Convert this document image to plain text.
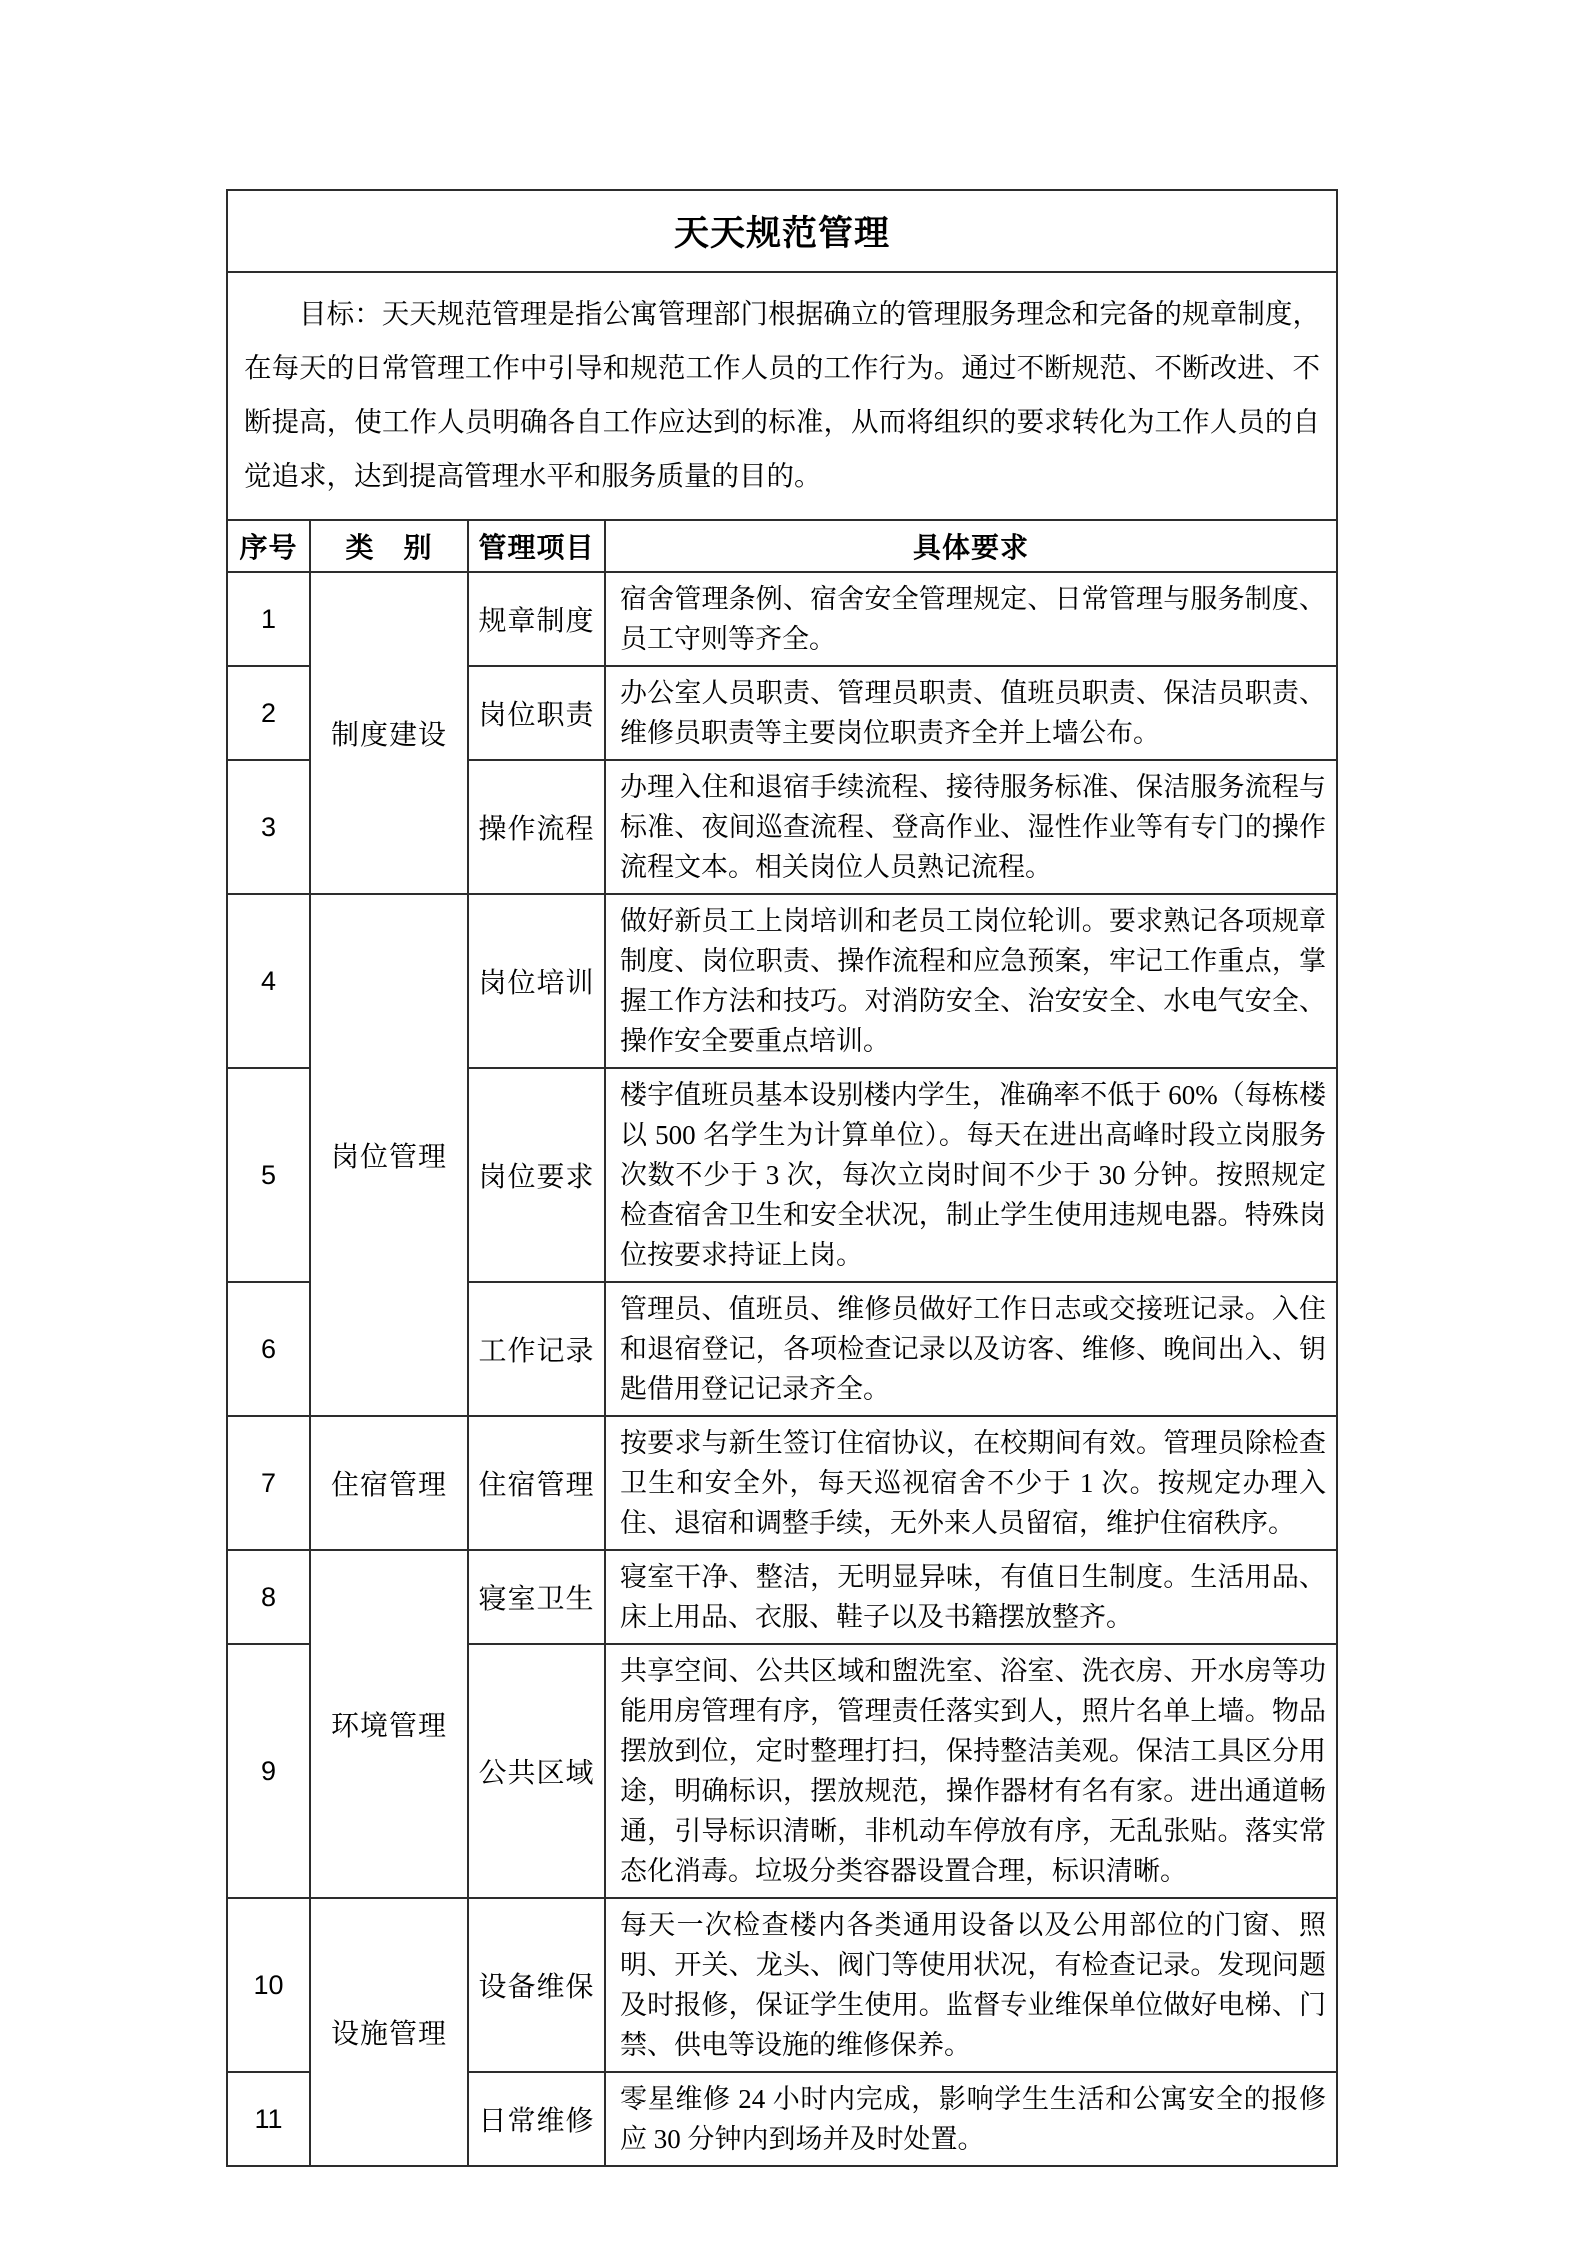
天天规范管理			

目标：天天规范管理是指公寓管理部门根据确立的管理服务理念和完备的规章制度，在每天的日常管理工作中引导和规范工作人员的工作行为。通过不断规范、不断改进、不断提高，使工作人员明确各自工作应达到的标准，从而将组织的要求转化为工作人员的自觉追求，达到提高管理水平和服务质量的目的。			

序号	类　别	管理项目	具体要求
1	制度建设	规章制度	宿舍管理条例、宿舍安全管理规定、日常管理与服务制度、员工守则等齐全。
2		岗位职责	办公室人员职责、管理员职责、值班员职责、保洁员职责、维修员职责等主要岗位职责齐全并上墙公布。
3		操作流程	办理入住和退宿手续流程、接待服务标准、保洁服务流程与标准、夜间巡查流程、登高作业、湿性作业等有专门的操作流程文本。相关岗位人员熟记流程。
4	岗位管理	岗位培训	做好新员工上岗培训和老员工岗位轮训。要求熟记各项规章制度、岗位职责、操作流程和应急预案，牢记工作重点，掌握工作方法和技巧。对消防安全、治安安全、水电气安全、操作安全要重点培训。
5		岗位要求	楼宇值班员基本设别楼内学生，准确率不低于 60%（每栋楼以 500 名学生为计算单位）。每天在进出高峰时段立岗服务次数不少于 3 次，每次立岗时间不少于 30 分钟。按照规定检查宿舍卫生和安全状况，制止学生使用违规电器。特殊岗位按要求持证上岗。
6		工作记录	管理员、值班员、维修员做好工作日志或交接班记录。入住和退宿登记，各项检查记录以及访客、维修、晚间出入、钥匙借用登记记录齐全。
7	住宿管理	住宿管理	按要求与新生签订住宿协议，在校期间有效。管理员除检查卫生和安全外，每天巡视宿舍不少于 1 次。按规定办理入住、退宿和调整手续，无外来人员留宿，维护住宿秩序。
8	环境管理	寝室卫生	寝室干净、整洁，无明显异味，有值日生制度。生活用品、床上用品、衣服、鞋子以及书籍摆放整齐。
9		公共区域	共享空间、公共区域和盥洗室、浴室、洗衣房、开水房等功能用房管理有序，管理责任落实到人，照片名单上墙。物品摆放到位，定时整理打扫，保持整洁美观。保洁工具区分用途，明确标识，摆放规范，操作器材有名有家。进出通道畅通，引导标识清晰，非机动车停放有序，无乱张贴。落实常态化消毒。垃圾分类容器设置合理，标识清晰。
10	设施管理	设备维保	每天一次检查楼内各类通用设备以及公用部位的门窗、照明、开关、龙头、阀门等使用状况，有检查记录。发现问题及时报修，保证学生使用。监督专业维保单位做好电梯、门禁、供电等设施的维修保养。
11		日常维修	零星维修 24 小时内完成，影响学生生活和公寓安全的报修应 30 分钟内到场并及时处置。
